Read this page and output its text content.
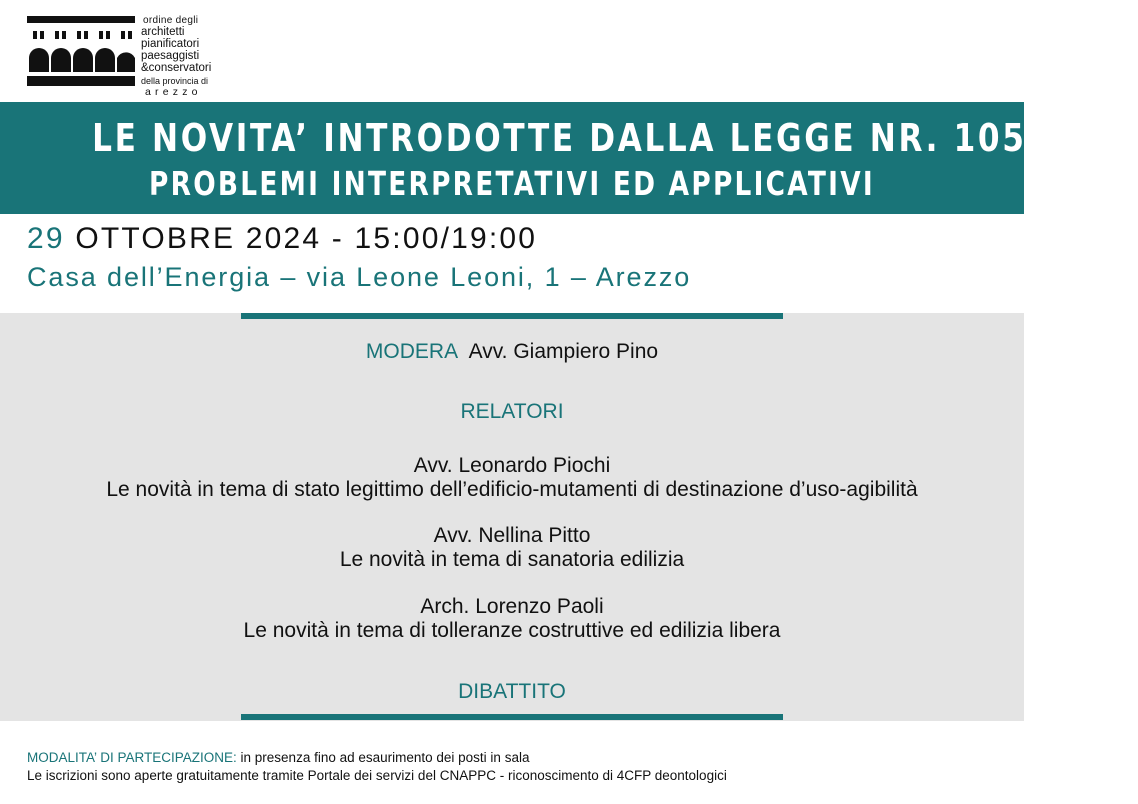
ordine degli
architetti
pianificatori
paesaggisti
&conservatori
della provincia di
arezzo
LE NOVITA’ INTRODOTTE DALLA LEGGE NR. 105/2024
PROBLEMI INTERPRETATIVI ED APPLICATIVI
29 OTTOBRE 2024 - 15:00/19:00
Casa dell’Energia – via Leone Leoni, 1 – Arezzo
MODERA Avv. Giampiero Pino
RELATORI
Avv. Leonardo Piochi
Le novità in tema di stato legittimo dell’edificio-mutamenti di destinazione d’uso-agibilità
Avv. Nellina Pitto
Le novità in tema di sanatoria edilizia
Arch. Lorenzo Paoli
Le novità in tema di tolleranze costruttive ed edilizia libera
DIBATTITO
MODALITA’ DI PARTECIPAZIONE: in presenza fino ad esaurimento dei posti in sala
Le iscrizioni sono aperte gratuitamente tramite Portale dei servizi del CNAPPC - riconoscimento di 4CFP deontologici
